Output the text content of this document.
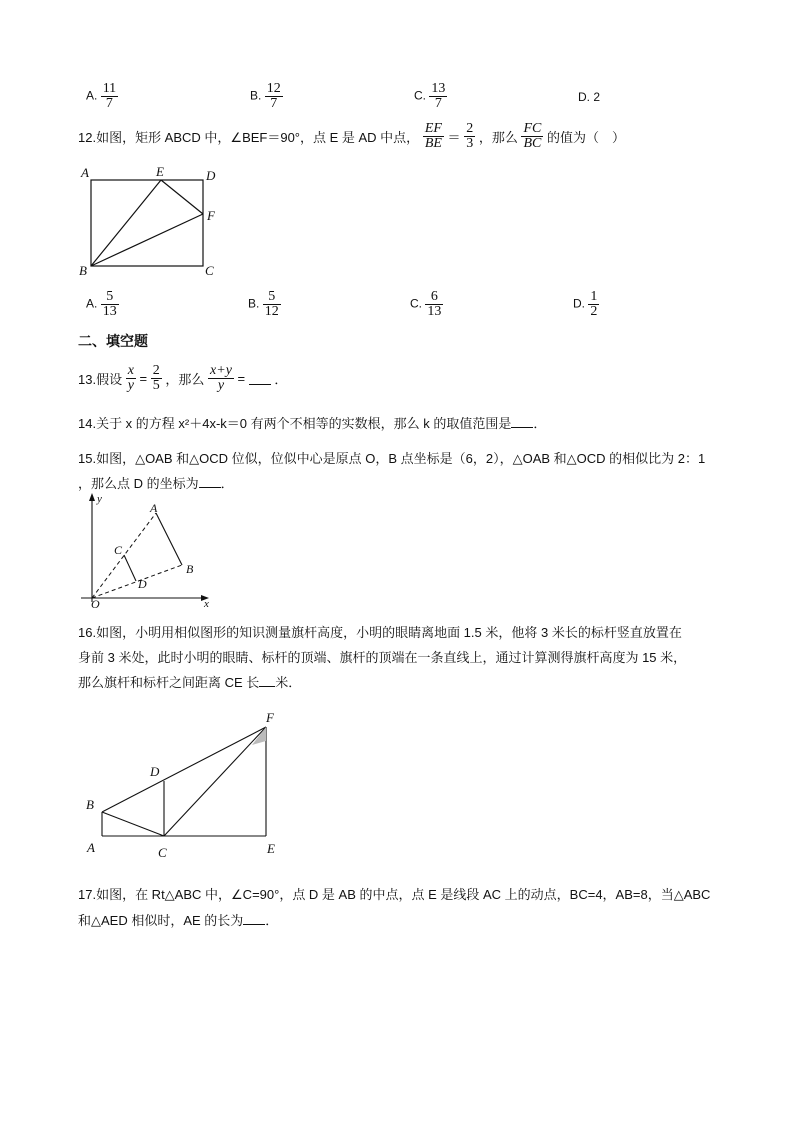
A. $\frac{11}{7}$	B. $\frac{12}{7}$	C. $\frac{13}{7}$	D. 2
12.如图，矩形 ABCD 中，∠BEF＝90°，点 E 是 AD 中点， $\frac{EF}{BE} = \frac{2}{3}$ ，那么 $\frac{FC}{BC}$ 的值为（　）
A	E	D
F
B	C
A. $\frac{5}{13}$	B. $\frac{5}{12}$	C. $\frac{6}{13}$	D. $\frac{1}{2}$
二、填空题
13.假设 $\frac{x}{y} = \frac{2}{5}$ ，那么 $\frac{x+y}{y}$ = ．
14.关于 x 的方程 x²＋4x-k＝0 有两个不相等的实数根，那么 k 的取值范围是 ．
15.如图，△OAB 和△OCD 位似，位似中心是原点 O，B 点坐标是（6，2），△OAB 和△OCD 的相似比为 2：1
，那么点 D 的坐标为 ．
y
x
O
A
B
C
D
16.如图，小明用相似图形的知识测量旗杆高度，小明的眼睛离地面 1.5 米，他将 3 米长的标杆竖直放置在
身前 3 米处，此时小明的眼睛、标杆的顶端、旗杆的顶端在一条直线上，通过计算测得旗杆高度为 15 米，
那么旗杆和标杆之间距离 CE 长 米．
F
D
B
A	C	E
17.如图，在 Rt△ABC 中，∠C=90°，点 D 是 AB 的中点，点 E 是线段 AC 上的动点，BC=4，AB=8，当△ABC
和△AED 相似时，AE 的长为 ．
